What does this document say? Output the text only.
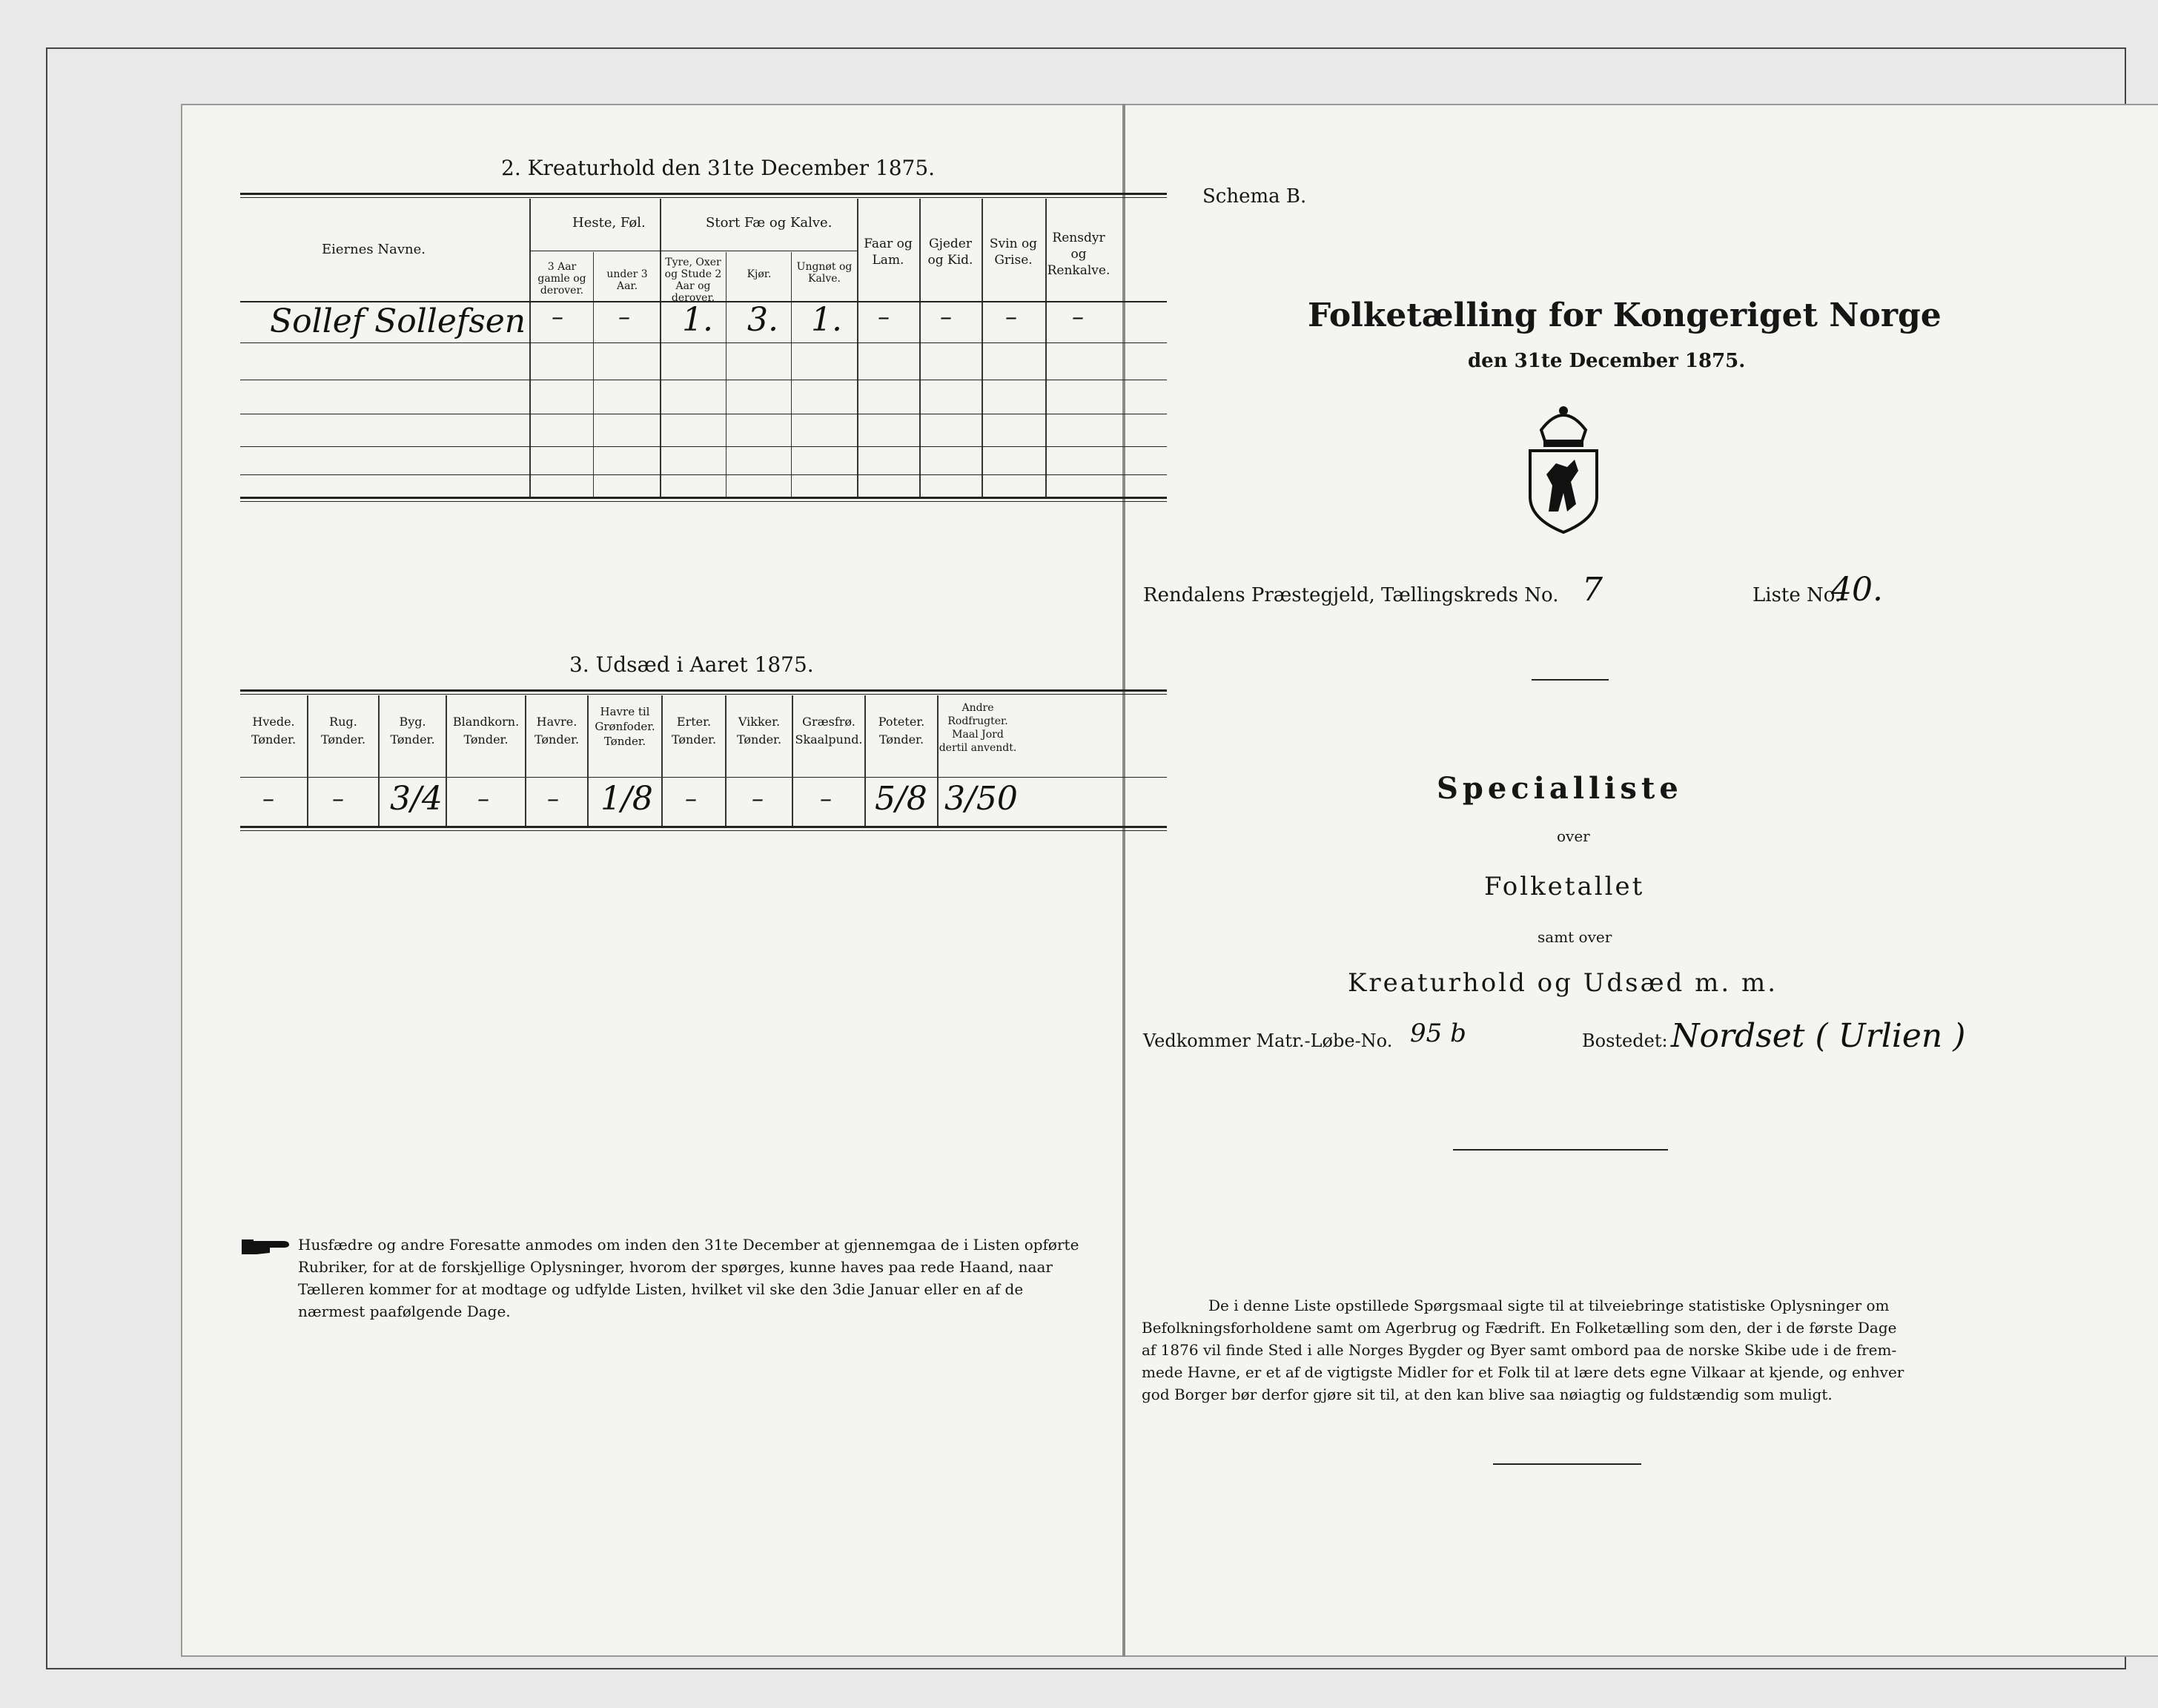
2. Kreaturhold den 31te December 1875.
Eiernes Navne.
Heste, Føl.
3 Aar gamle og derover.
under 3 Aar.
Stort Fæ og Kalve.
Tyre, Oxer og Stude 2 Aar og derover.
Kjør.
Ungnøt og Kalve.
Faar og Lam.
Gjeder og Kid.
Svin og Grise.
Rensdyr og Renkalve.
Sollef Sollefsen – – 1. 3. 1. – – – –
3. Udsæd i Aaret 1875.
Hvede.
Tønder.
Rug.
Tønder.
Byg.
Tønder.
Blandkorn.
Tønder.
Havre.
Tønder.
Havre til Grønfoder.
Tønder.
Erter.
Tønder.
Vikker.
Tønder.
Græsfrø.
Skaalpund.
Poteter.
Tønder.
Andre Rodfrugter.
Maal Jord dertil anvendt.
– – 3/4 – – 1/8 – – – 5/8 3/50
Husfædre og andre Foresatte anmodes om inden den 31te December at gjennemgaa de i Listen opførte
Rubriker, for at de forskjellige Oplysninger, hvorom der spørges, kunne haves paa rede Haand, naar
Tælleren kommer for at modtage og udfylde Listen, hvilket vil ske den 3die Januar eller en af de
nærmest paafølgende Dage.
Schema B.
Folketælling for Kongeriget Norge
den 31te December 1875.
Rendalens Præstegjeld, Tællingskreds No. 7	Liste No.
40.
Specialliste
over
Folketallet
samt over
Kreaturhold og Udsæd m. m.
Vedkommer Matr.-Løbe-No. 95 b	Bostedet: Nordset ( Urlien )
De i denne Liste opstillede Spørgsmaal sigte til at tilveiebringe statistiske Oplysninger om
Befolkningsforholdene samt om Agerbrug og Fædrift. En Folketælling som den, der i de første Dage
af 1876 vil finde Sted i alle Norges Bygder og Byer samt ombord paa de norske Skibe ude i de frem-
mede Havne, er et af de vigtigste Midler for et Folk til at lære dets egne Vilkaar at kjende, og enhver
god Borger bør derfor gjøre sit til, at den kan blive saa nøiagtig og fuldstændig som muligt.
